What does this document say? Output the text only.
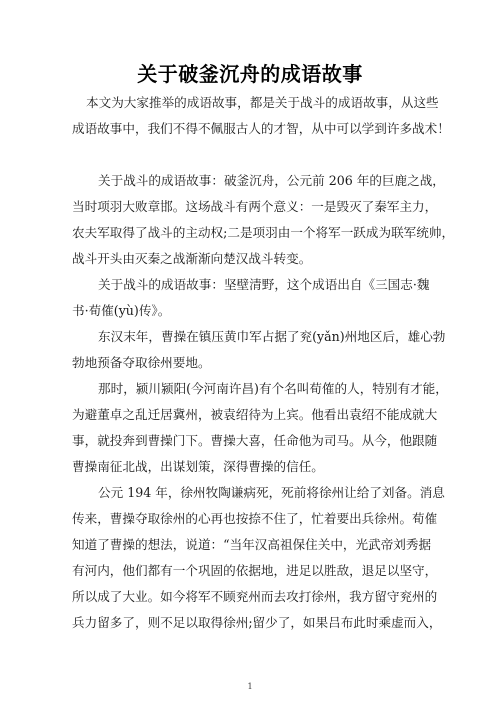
关于破釜沉舟的成语故事
本文为大家推举的成语故事，都是关于战斗的成语故事，从这些
成语故事中，我们不得不佩服古人的才智，从中可以学到许多战术！
关于战斗的成语故事：破釜沉舟，公元前 206 年的巨鹿之战，
当时项羽大败章邯。这场战斗有两个意义：一是毁灭了秦军主力，
农夫军取得了战斗的主动权;二是项羽由一个将军一跃成为联军统帅，
战斗开头由灭秦之战渐渐向楚汉战斗转变。
关于战斗的成语故事：坚壁清野，这个成语出自《三国志·魏
书·荀傕(yù)传》。
东汉末年，曹操在镇压黄巾军占据了兖(yǎn)州地区后，雄心勃
勃地预备夺取徐州要地。
那时，颍川颍阳(今河南许昌)有个名叫荀傕的人，特别有才能，
为避董卓之乱迁居冀州，被袁绍待为上宾。他看出袁绍不能成就大
事，就投奔到曹操门下。曹操大喜，任命他为司马。从今，他跟随
曹操南征北战，出谋划策，深得曹操的信任。
公元 194 年，徐州牧陶谦病死，死前将徐州让给了刘备。消息
传来，曹操夺取徐州的心再也按捺不住了，忙着要出兵徐州。荀傕
知道了曹操的想法，说道：“当年汉高祖保住关中，光武帝刘秀据
有河内，他们都有一个巩固的依据地，进足以胜敌，退足以坚守，
所以成了大业。如今将军不顾兖州而去攻打徐州，我方留守兖州的
兵力留多了，则不足以取得徐州;留少了，如果吕布此时乘虚而入，
1
